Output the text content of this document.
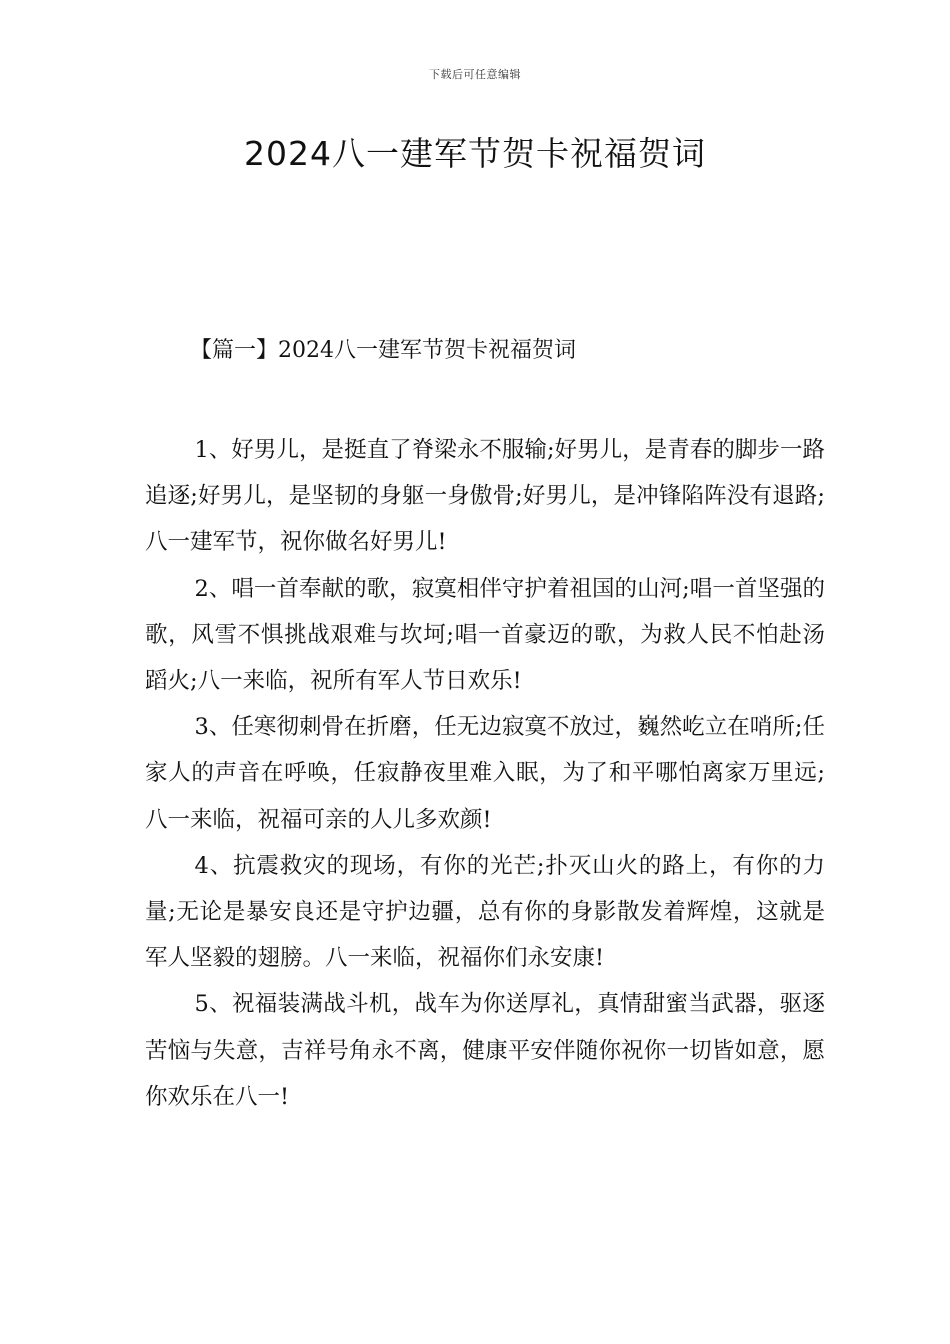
下载后可任意编辑
2024八一建军节贺卡祝福贺词
【篇一】2024八一建军节贺卡祝福贺词

1、好男儿，是挺直了脊梁永不服输;好男儿，是青春的脚步一路追逐;好男儿，是坚韧的身躯一身傲骨;好男儿，是冲锋陷阵没有退路;八一建军节，祝你做名好男儿!

2、唱一首奉献的歌，寂寞相伴守护着祖国的山河;唱一首坚强的歌，风雪不惧挑战艰难与坎坷;唱一首豪迈的歌，为救人民不怕赴汤蹈火;八一来临，祝所有军人节日欢乐!

3、任寒彻刺骨在折磨，任无边寂寞不放过，巍然屹立在哨所;任家人的声音在呼唤，任寂静夜里难入眠，为了和平哪怕离家万里远;八一来临，祝福可亲的人儿多欢颜!

4、抗震救灾的现场，有你的光芒;扑灭山火的路上，有你的力量;无论是暴安良还是守护边疆，总有你的身影散发着辉煌，这就是军人坚毅的翅膀。八一来临，祝福你们永安康!

5、祝福装满战斗机，战车为你送厚礼，真情甜蜜当武器，驱逐苦恼与失意，吉祥号角永不离，健康平安伴随你祝你一切皆如意，愿你欢乐在八一!
